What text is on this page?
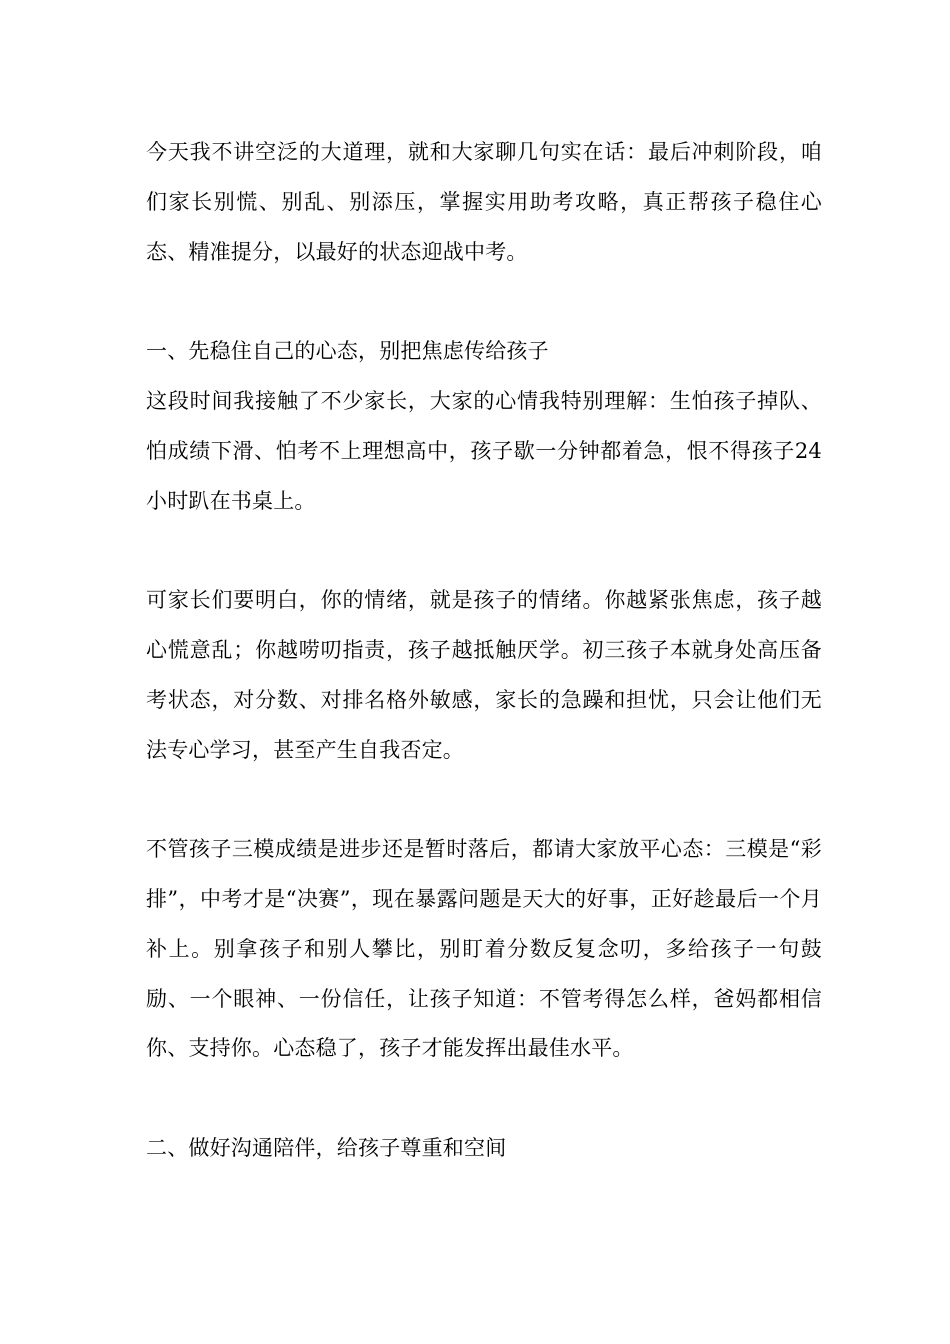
今天我不讲空泛的大道理，就和大家聊几句实在话：最后冲刺阶段，咱们家长别慌、别乱、别添压，掌握实用助考攻略，真正帮孩子稳住心态、精准提分，以最好的状态迎战中考。

一、先稳住自己的心态，别把焦虑传给孩子

这段时间我接触了不少家长，大家的心情我特别理解：生怕孩子掉队、怕成绩下滑、怕考不上理想高中，孩子歇一分钟都着急，恨不得孩子24小时趴在书桌上。

可家长们要明白，你的情绪，就是孩子的情绪。你越紧张焦虑，孩子越心慌意乱；你越唠叨指责，孩子越抵触厌学。初三孩子本就身处高压备考状态，对分数、对排名格外敏感，家长的急躁和担忧，只会让他们无法专心学习，甚至产生自我否定。

不管孩子三模成绩是进步还是暂时落后，都请大家放平心态：三模是“彩排”，中考才是“决赛”，现在暴露问题是天大的好事，正好趁最后一个月补上。别拿孩子和别人攀比，别盯着分数反复念叨，多给孩子一句鼓励、一个眼神、一份信任，让孩子知道：不管考得怎么样，爸妈都相信你、支持你。心态稳了，孩子才能发挥出最佳水平。

二、做好沟通陪伴，给孩子尊重和空间
